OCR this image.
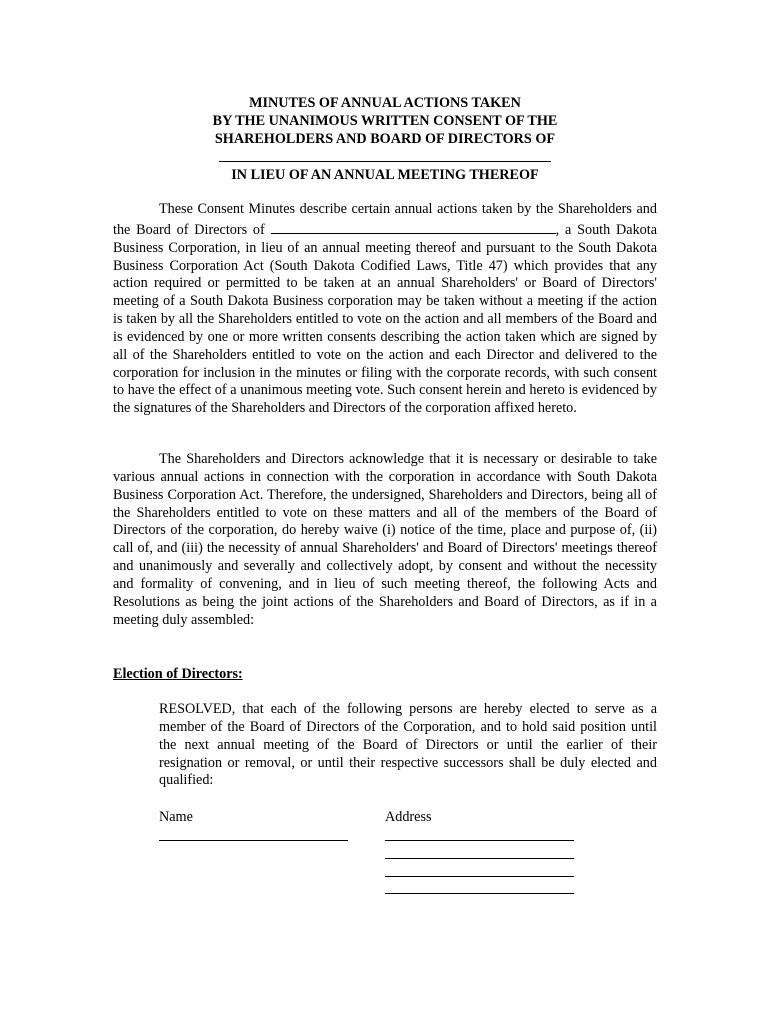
MINUTES OF ANNUAL ACTIONS TAKEN
BY THE UNANIMOUS WRITTEN CONSENT OF THE
SHAREHOLDERS AND BOARD OF DIRECTORS OF
IN LIEU OF AN ANNUAL MEETING THEREOF

These Consent Minutes describe certain annual actions taken by the Shareholders and the Board of Directors of	, a South Dakota Business Corporation, in lieu of an annual meeting thereof and pursuant to the South Dakota Business Corporation Act (South Dakota Codified Laws, Title 47) which provides that any action required or permitted to be taken at an annual Shareholders' or Board of Directors' meeting of a South Dakota Business corporation may be taken without a meeting if the action is taken by all the Shareholders entitled to vote on the action and all members of the Board and is evidenced by one or more written consents describing the action taken which are signed by all of the Shareholders entitled to vote on the action and each Director and delivered to the corporation for inclusion in the minutes or filing with the corporate records, with such consent to have the effect of a unanimous meeting vote. Such consent herein and hereto is evidenced by the signatures of the Shareholders and Directors of the corporation affixed hereto.

The Shareholders and Directors acknowledge that it is necessary or desirable to take various annual actions in connection with the corporation in accordance with South Dakota Business Corporation Act. Therefore, the undersigned, Shareholders and Directors, being all of the Shareholders entitled to vote on these matters and all of the members of the Board of Directors of the corporation, do hereby waive (i) notice of the time, place and purpose of, (ii) call of, and (iii) the necessity of annual Shareholders' and Board of Directors' meetings thereof and unanimously and severally and collectively adopt, by consent and without the necessity and formality of convening, and in lieu of such meeting thereof, the following Acts and Resolutions as being the joint actions of the Shareholders and Board of Directors, as if in a meeting duly assembled:

Election of Directors:

RESOLVED, that each of the following persons are hereby elected to serve as a member of the Board of Directors of the Corporation, and to hold said position until the next annual meeting of the Board of Directors or until the earlier of their resignation or removal, or until their respective successors shall be duly elected and qualified:

Name	Address
